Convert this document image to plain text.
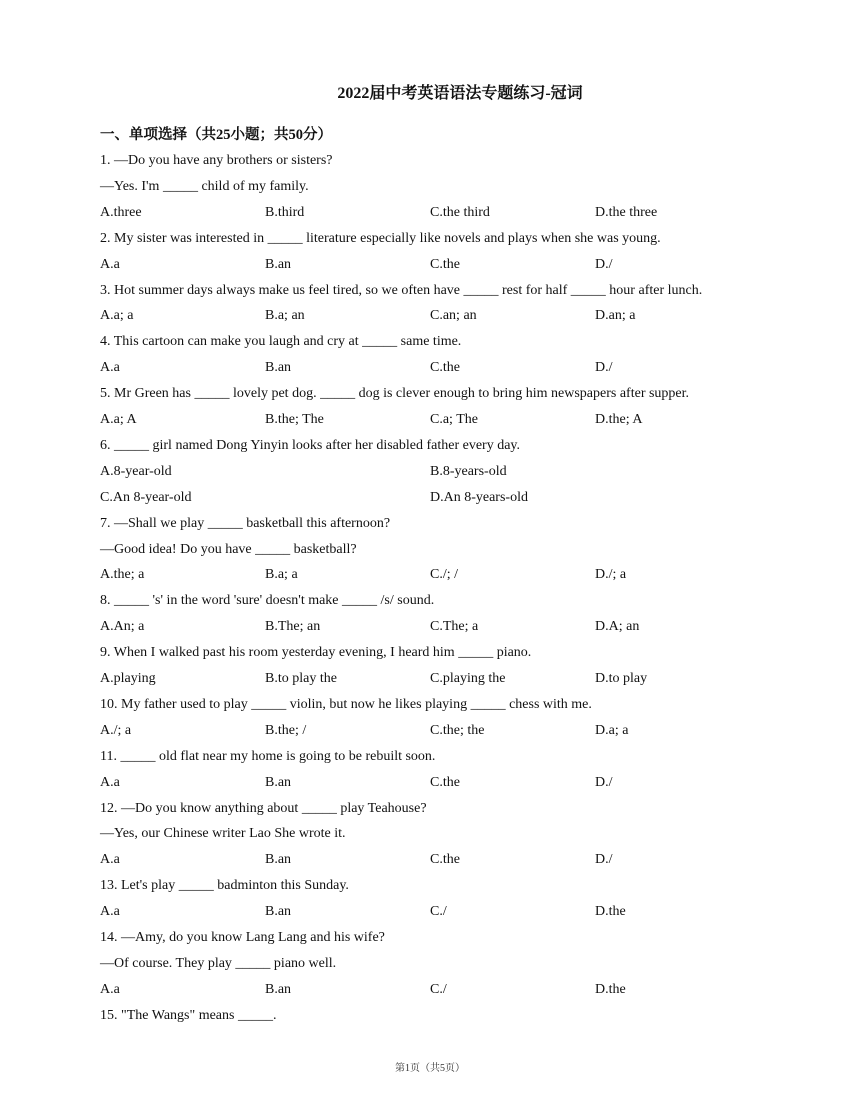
2022届中考英语语法专题练习-冠词
一、单项选择（共25小题；共50分）
1. —Do you have any brothers or sisters?
—Yes. I'm _____ child of my family.
A.three	B.third	C.the third	D.the three
2. My sister was interested in _____ literature especially like novels and plays when she was young.
A.a	B.an	C.the	D./
3. Hot summer days always make us feel tired, so we often have _____ rest for half _____ hour after lunch.
A.a; a	B.a; an	C.an; an	D.an; a
4. This cartoon can make you laugh and cry at _____ same time.
A.a	B.an	C.the	D./
5. Mr Green has _____ lovely pet dog. _____ dog is clever enough to bring him newspapers after supper.
A.a; A	B.the; The	C.a; The	D.the; A
6. _____ girl named Dong Yinyin looks after her disabled father every day.
A.8-year-old	B.8-years-old
C.An 8-year-old	D.An 8-years-old
7. —Shall we play _____ basketball this afternoon?
—Good idea! Do you have _____ basketball?
A.the; a	B.a; a	C./; /	D./; a
8. _____ 's' in the word 'sure' doesn't make _____ /s/ sound.
A.An; a	B.The; an	C.The; a	D.A; an
9. When I walked past his room yesterday evening, I heard him _____ piano.
A.playing	B.to play the	C.playing the	D.to play
10. My father used to play _____ violin, but now he likes playing _____ chess with me.
A./; a	B.the; /	C.the; the	D.a; a
11. _____ old flat near my home is going to be rebuilt soon.
A.a	B.an	C.the	D./
12. —Do you know anything about _____ play Teahouse?
—Yes, our Chinese writer Lao She wrote it.
A.a	B.an	C.the	D./
13. Let's play _____ badminton this Sunday.
A.a	B.an	C./	D.the
14. —Amy, do you know Lang Lang and his wife?
—Of course. They play _____ piano well.
A.a	B.an	C./	D.the
15. "The Wangs" means _____.
第1页（共5页）
